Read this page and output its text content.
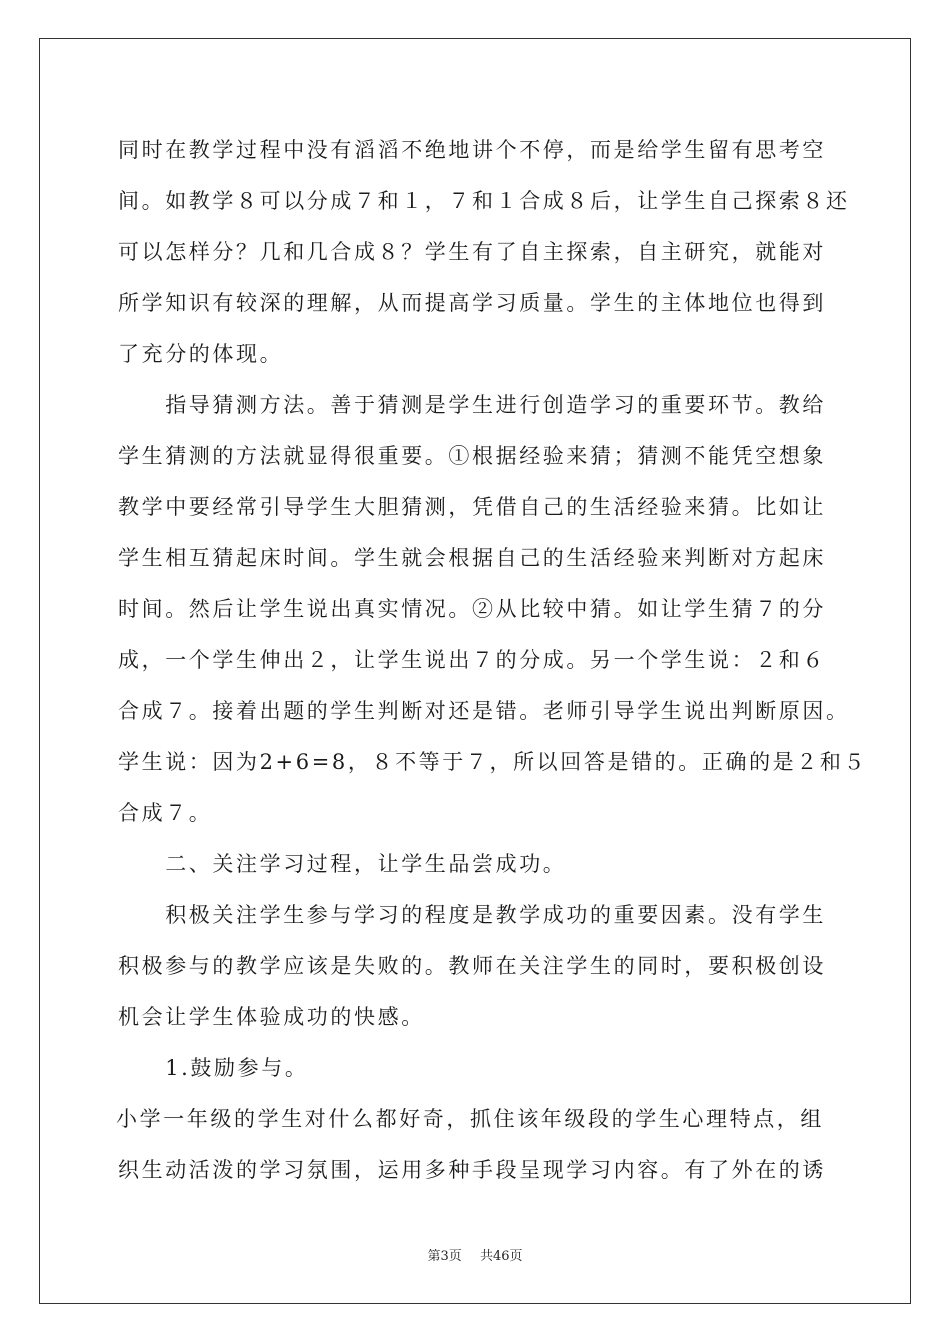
同时在教学过程中没有滔滔不绝地讲个不停，而是给学生留有思考空
间。如教学８可以分成７和１，７和１合成８后，让学生自己探索８还
可以怎样分？几和几合成８？学生有了自主探索，自主研究，就能对
所学知识有较深的理解，从而提高学习质量。学生的主体地位也得到
了充分的体现。
　　指导猜测方法。善于猜测是学生进行创造学习的重要环节。教给
学生猜测的方法就显得很重要。①根据经验来猜；猜测不能凭空想象
教学中要经常引导学生大胆猜测，凭借自己的生活经验来猜。比如让
学生相互猜起床时间。学生就会根据自己的生活经验来判断对方起床
时间。然后让学生说出真实情况。②从比较中猜。如让学生猜７的分
成，一个学生伸出２，让学生说出７的分成。另一个学生说：２和６
合成７。接着出题的学生判断对还是错。老师引导学生说出判断原因。
学生说：因为2+6=8，８不等于７，所以回答是错的。正确的是２和５
合成７。
　　二、关注学习过程，让学生品尝成功。
　　积极关注学生参与学习的程度是教学成功的重要因素。没有学生
积极参与的教学应该是失败的。教师在关注学生的同时，要积极创设
机会让学生体验成功的快感。
　　1.鼓励参与。
小学一年级的学生对什么都好奇，抓住该年级段的学生心理特点，组
织生动活泼的学习氛围，运用多种手段呈现学习内容。有了外在的诱
第3页 共46页
